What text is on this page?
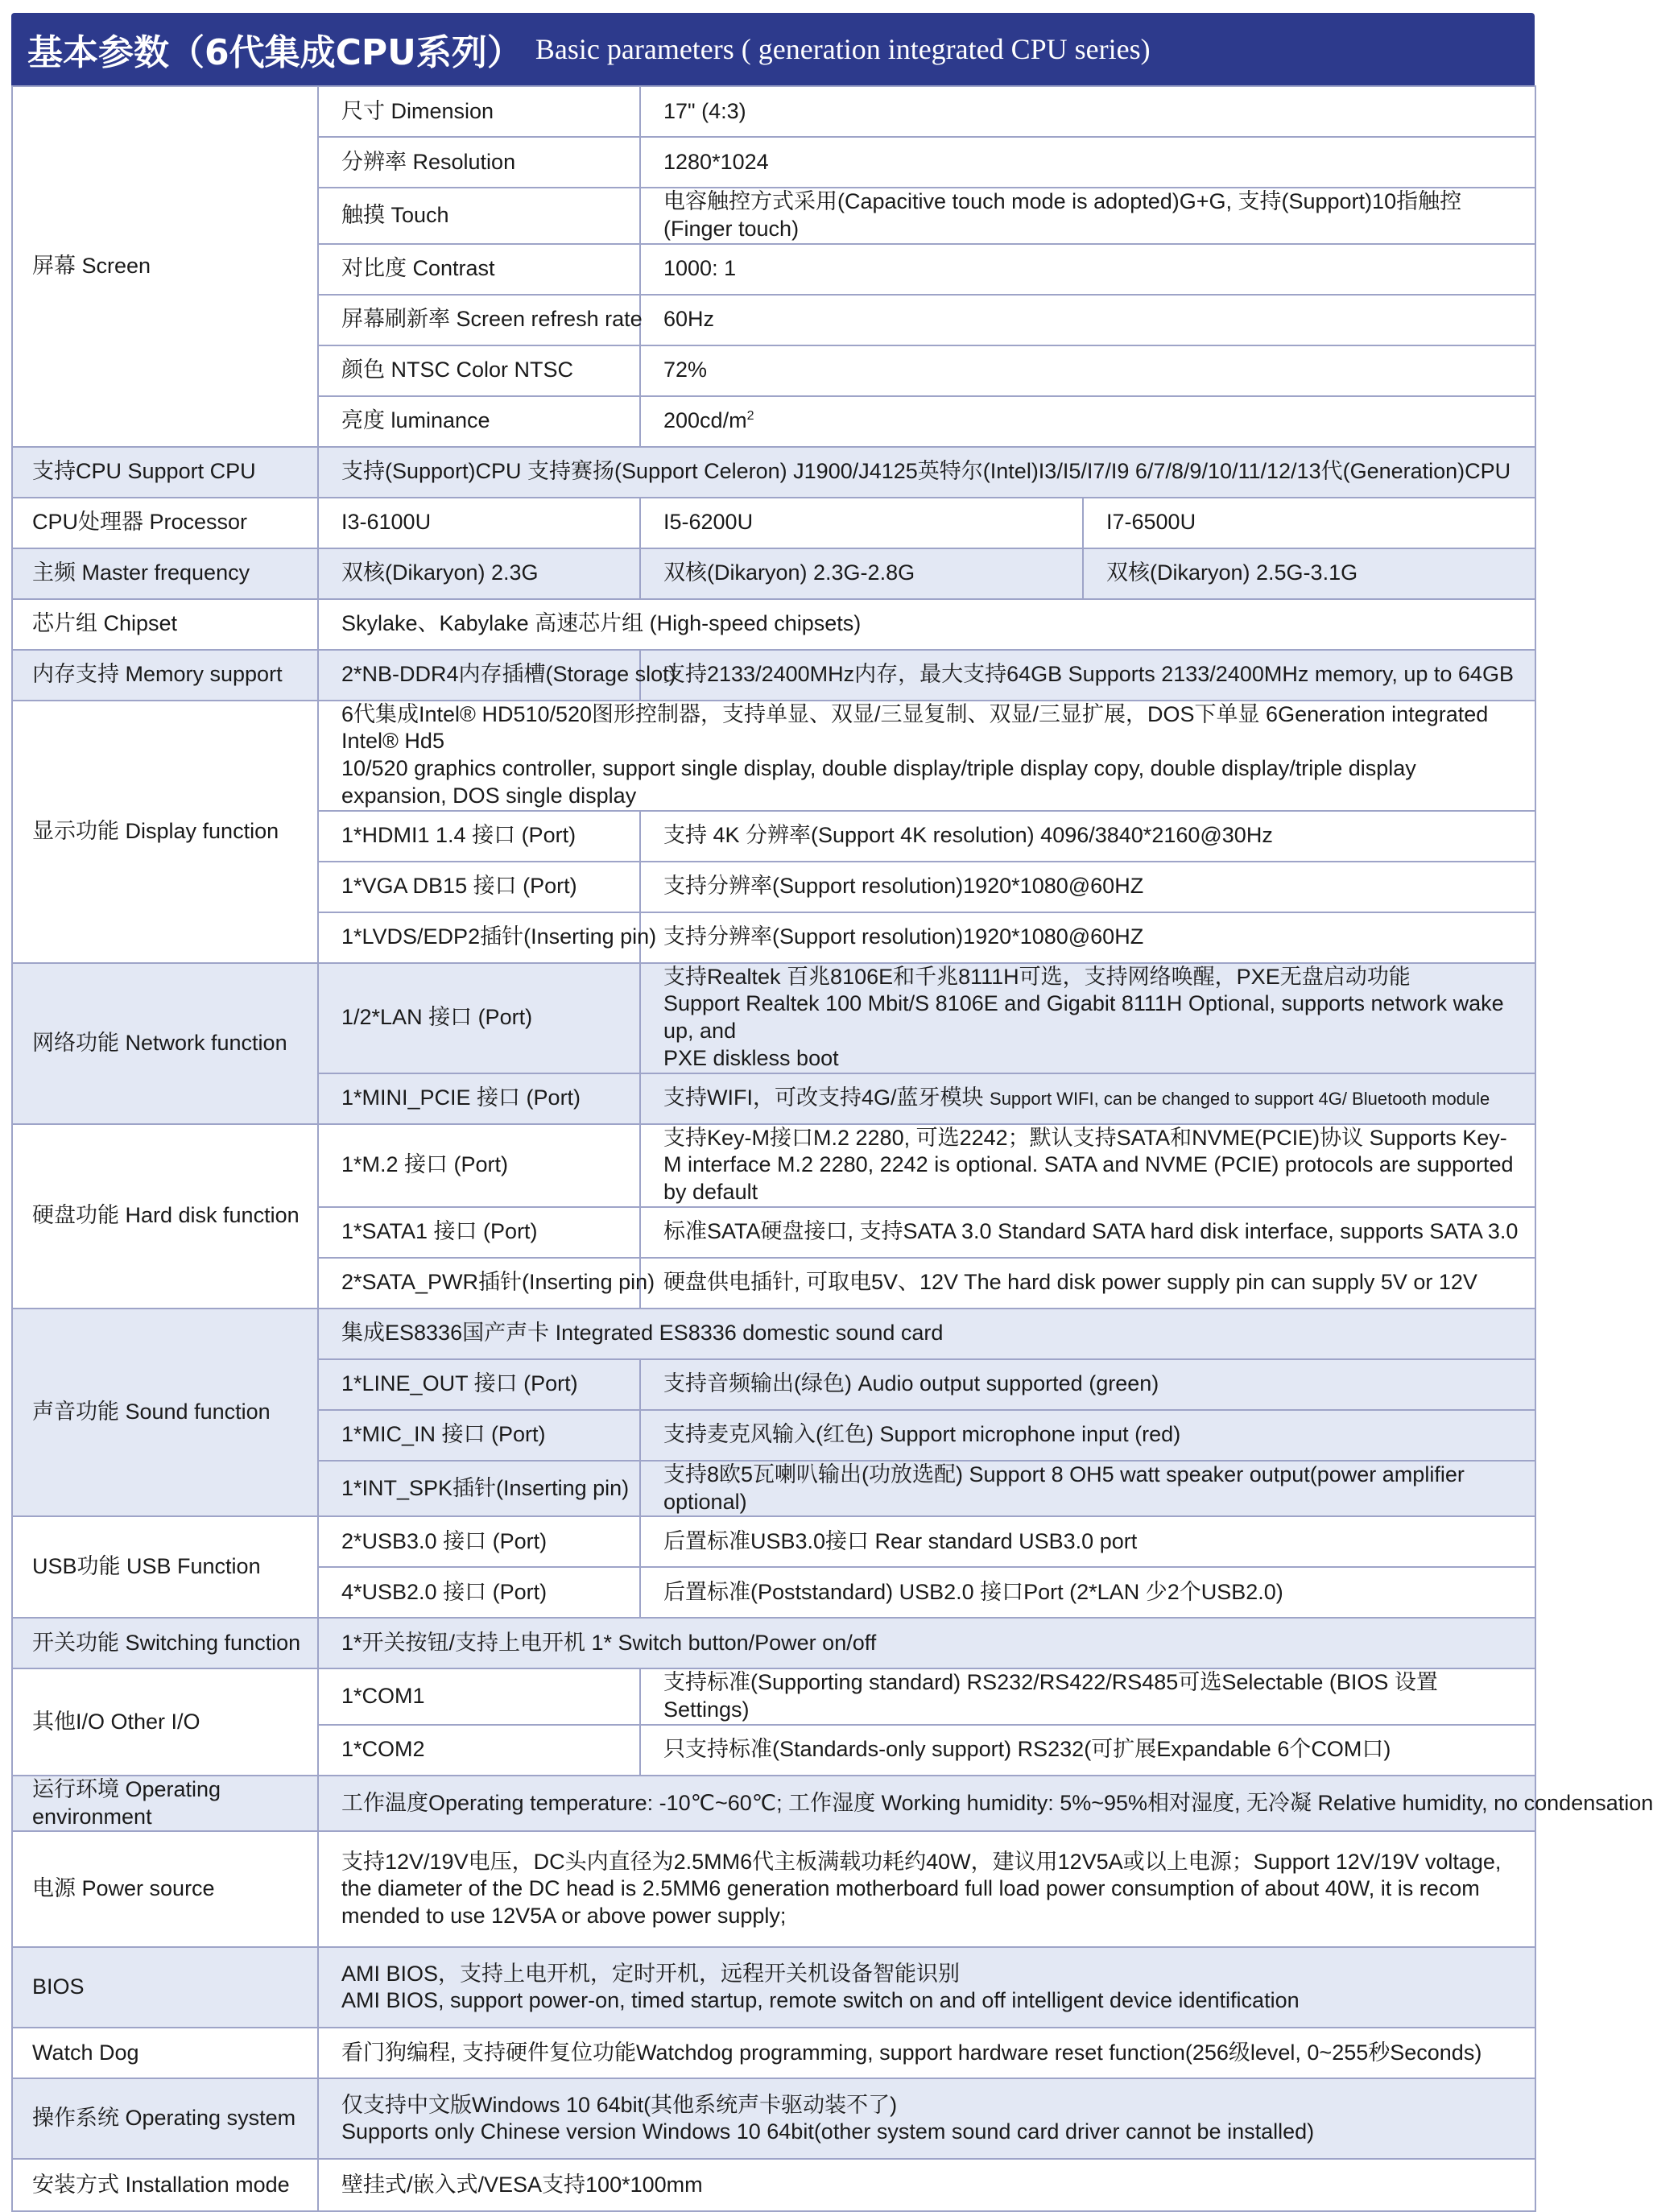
基本参数（6代集成CPU系列） Basic parameters ( generation integrated CPU series)
屏幕 Screen	尺寸 Dimension	17" (4:3)	
	分辨率 Resolution	1280*1024	
	触摸 Touch	电容触控方式采用(Capacitive touch mode is adopted)G+G, 支持(Support)10指触控(Finger touch)	
	对比度 Contrast	1000: 1	
	屏幕刷新率 Screen refresh rate	60Hz	
	颜色 NTSC Color NTSC	72%	
	亮度 luminance	$200cd/m^2$
支持CPU Support CPU	支持(Support)CPU 支持赛扬(Support Celeron) J1900/J4125英特尔(Intel)I3/I5/I7/I9 6/7/8/9/10/11/12/13代(Generation)CPU		
CPU处理器 Processor	I3-6100U	I5-6200U	I7-6500U
主频 Master frequency	双核(Dikaryon) 2.3G	双核(Dikaryon) 2.3G-2.8G	双核(Dikaryon) 2.5G-3.1G
芯片组 Chipset	Skylake、Kabylake 高速芯片组 (High-speed chipsets)		
内存支持 Memory support	2*NB-DDR4内存插槽(Storage slot)	支持2133/2400MHz内存，最大支持64GB Supports 2133/2400MHz memory, up to 64GB	
显示功能 Display function	6代集成Intel® HD510/520图形控制器，支持单显、双显/三显复制、双显/三显扩展，DOS下单显 6Generation integrated Intel® Hd5
10/520 graphics controller, support single display, double display/triple display copy, double display/triple display expansion, DOS single display		

	1*HDMI1 1.4 接口 (Port)	支持 4K 分辨率(Support 4K resolution) 4096/3840*2160@30Hz	
	1*VGA DB15 接口 (Port)	支持分辨率(Support resolution)1920*1080@60HZ	
	1*LVDS/EDP2插针(Inserting pin)	支持分辨率(Support resolution)1920*1080@60HZ	
网络功能 Network function	1/2*LAN 接口 (Port)	支持Realtek 百兆8106E和千兆8111H可选，支持网络唤醒，PXE无盘启动功能
Support Realtek 100 Mbit/S 8106E and Gigabit 8111H Optional, supports network wake up, and
PXE diskless boot	

	1*MINI_PCIE 接口 (Port)	支持WIFI，可改支持4G/蓝牙模块 Support WIFI, can be changed to support 4G/ Bluetooth module	
硬盘功能 Hard disk function	1*M.2 接口 (Port)	支持Key-M接口M.2 2280, 可选2242；默认支持SATA和NVME(PCIE)协议 Supports Key-
M interface M.2 2280, 2242 is optional. SATA and NVME (PCIE) protocols are supported by default	

	1*SATA1 接口 (Port)	标准SATA硬盘接口, 支持SATA 3.0 Standard SATA hard disk interface, supports SATA 3.0	
	2*SATA_PWR插针(Inserting pin)	硬盘供电插针, 可取电5V、12V The hard disk power supply pin can supply 5V or 12V	
声音功能 Sound function	集成ES8336国产声卡 Integrated ES8336 domestic sound card		
	1*LINE_OUT 接口 (Port)	支持音频输出(绿色) Audio output supported (green)	
	1*MIC_IN 接口 (Port)	支持麦克风输入(红色) Support microphone input (red)	
	1*INT_SPK插针(Inserting pin)	支持8欧5瓦喇叭输出(功放选配) Support 8 OH5 watt speaker output(power amplifier optional)	
USB功能 USB Function	2*USB3.0 接口 (Port)	后置标准USB3.0接口 Rear standard USB3.0 port	
	4*USB2.0 接口 (Port)	后置标准(Poststandard) USB2.0 接口Port (2*LAN 少2个USB2.0)	
开关功能 Switching function	1*开关按钮/支持上电开机 1* Switch button/Power on/off		
其他I/O Other I/O	1*COM1	支持标准(Supporting standard) RS232/RS422/RS485可选Selectable (BIOS 设置Settings)	
	1*COM2	只支持标准(Standards-only support) RS232(可扩展Expandable 6个COM口)	
运行环境 Operating environment	工作温度Operating temperature: -10℃~60℃; 工作湿度 Working humidity: 5%~95%相对湿度, 无冷凝 Relative humidity, no condensation		
电源 Power source	支持12V/19V电压，DC头内直径为2.5MM6代主板满载功耗约40W，建议用12V5A或以上电源；Support 12V/19V voltage,
the diameter of the DC head is 2.5MM6 generation motherboard full load power consumption of about 40W, it is recom
mended to use 12V5A or above power supply;		

BIOS	AMI BIOS，支持上电开机，定时开机，远程开关机设备智能识别
AMI BIOS, support power-on, timed startup, remote switch on and off intelligent device identification		

Watch Dog	看门狗编程, 支持硬件复位功能Watchdog programming, support hardware reset function(256级level, 0~255秒Seconds)		
操作系统 Operating system	仅支持中文版Windows 10 64bit(其他系统声卡驱动装不了)
Supports only Chinese version Windows 10 64bit(other system sound card driver cannot be installed)		

安装方式 Installation mode	壁挂式/嵌入式/VESA支持100*100mm		
